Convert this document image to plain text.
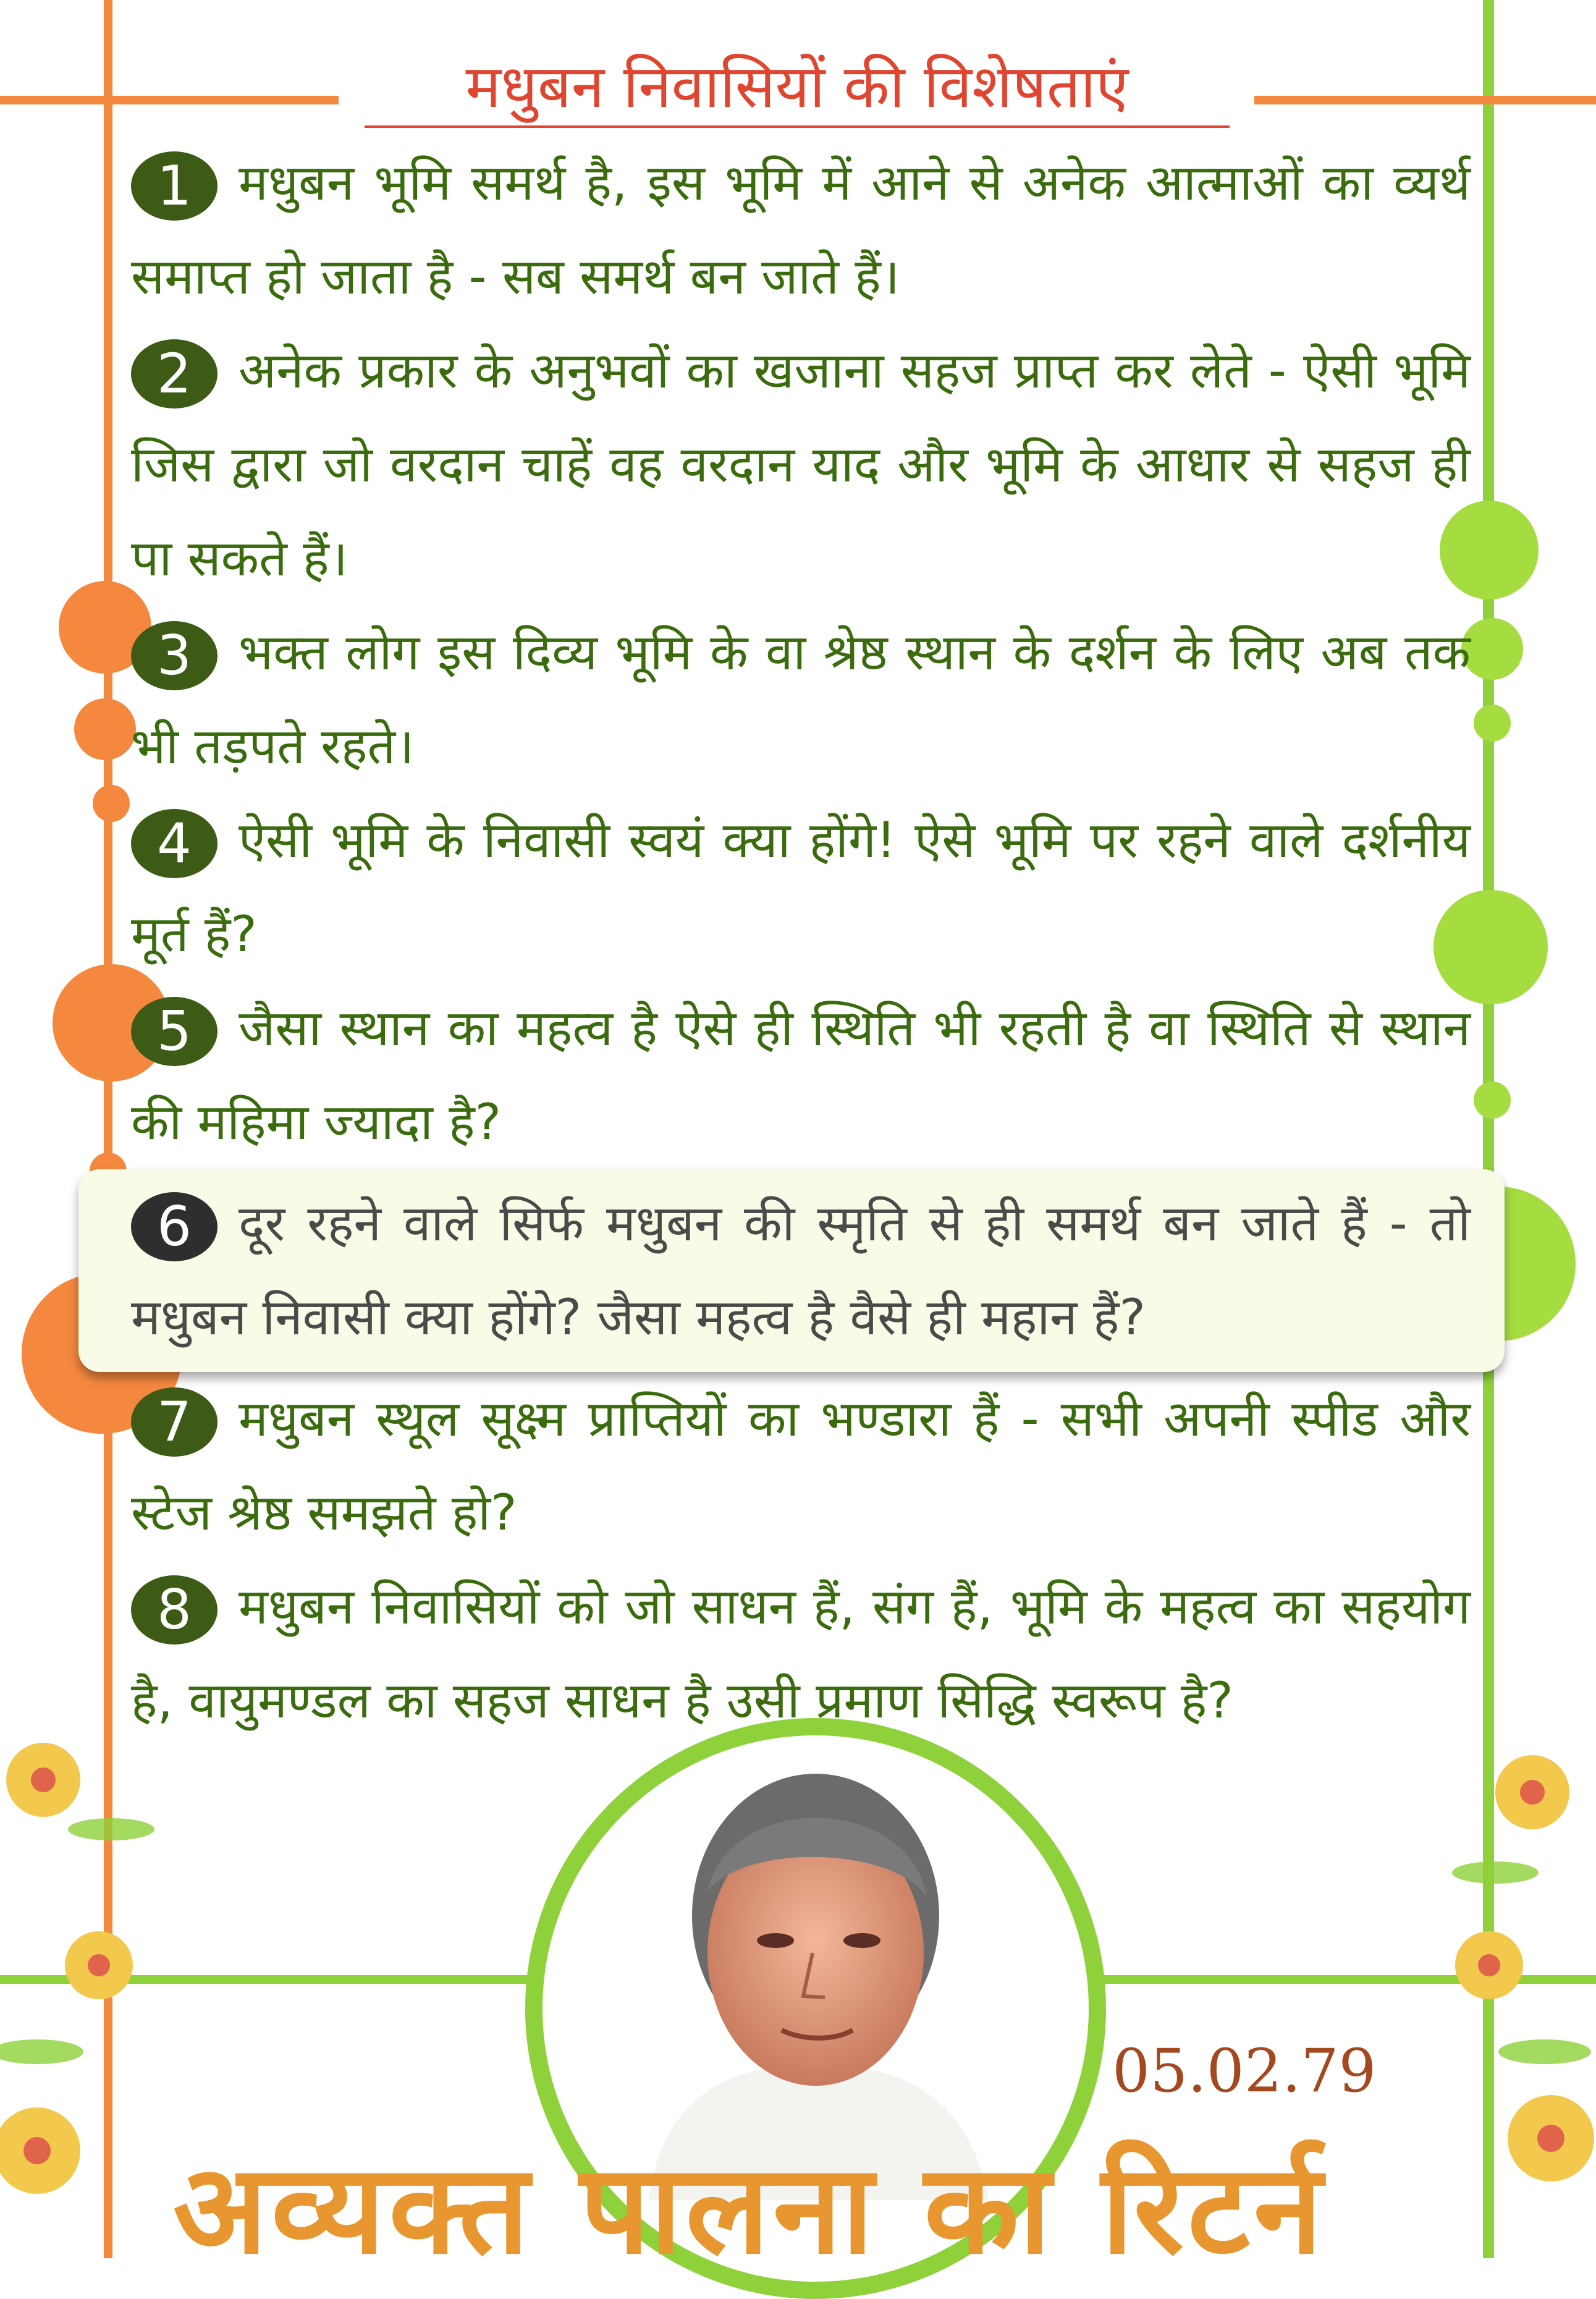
मधुबन निवासियों की विशेषताएं

1 मधुबन भूमि समर्थ है, इस भूमि में आने से अनेक आत्माओं का व्यर्थ समाप्त हो जाता है - सब समर्थ बन जाते हैं।

2 अनेक प्रकार के अनुभवों का खजाना सहज प्राप्त कर लेते - ऐसी भूमि जिस द्वारा जो वरदान चाहें वह वरदान याद और भूमि के आधार से सहज ही पा सकते हैं।

3 भक्त लोग इस दिव्य भूमि के वा श्रेष्ठ स्थान के दर्शन के लिए अब तक भी तड़पते रहते।

4 ऐसी भूमि के निवासी स्वयं क्या होंगे! ऐसे भूमि पर रहने वाले दर्शनीय मूर्त हैं?

5 जैसा स्थान का महत्व है ऐसे ही स्थिति भी रहती है वा स्थिति से स्थान की महिमा ज्यादा है?

6 दूर रहने वाले सिर्फ मधुबन की स्मृति से ही समर्थ बन जाते हैं - तो मधुबन निवासी क्या होंगे? जैसा महत्व है वैसे ही महान हैं?

7 मधुबन स्थूल सूक्ष्म प्राप्तियों का भण्डारा हैं - सभी अपनी स्पीड और स्टेज श्रेष्ठ समझते हो?

8 मधुबन निवासियों को जो साधन हैं, संग हैं, भूमि के महत्व का सहयोग है, वायुमण्डल का सहज साधन है उसी प्रमाण सिद्धि स्वरूप है?

05.02.79
अव्यक्त पालना का रिटर्न
